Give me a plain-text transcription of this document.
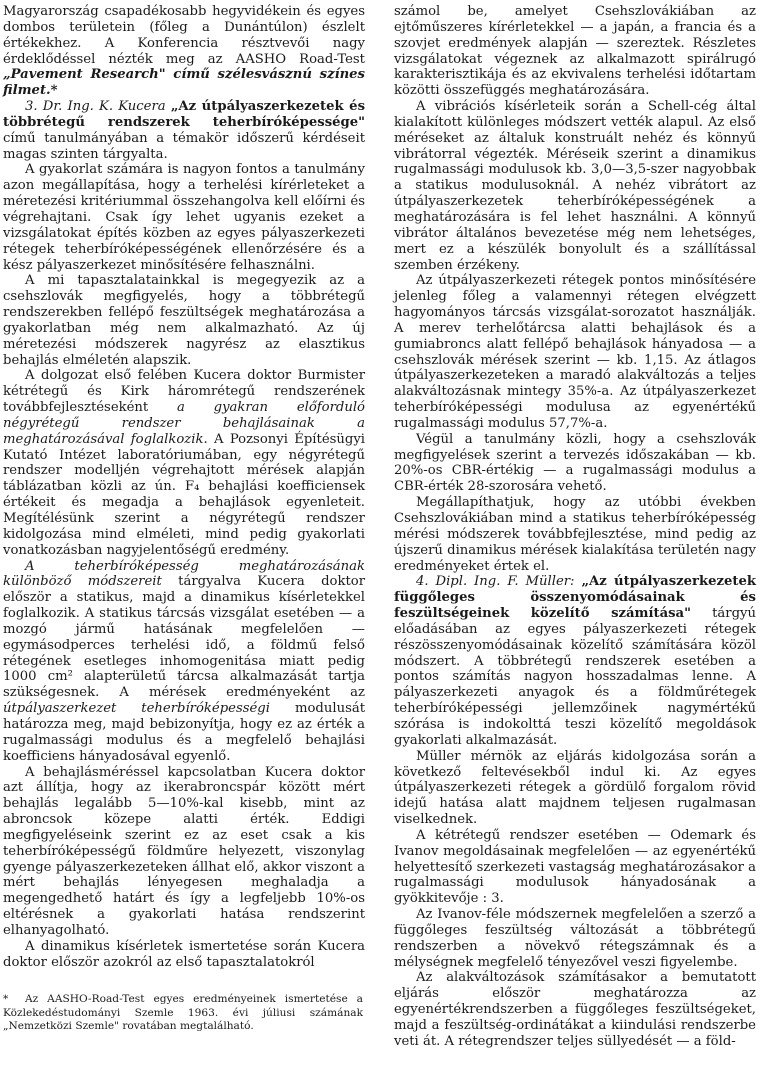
Magyarország csapadékosabb hegyvidékein és egyes dombos területein (főleg a Dunántúlon) észlelt értékekhez. A Konferencia résztvevői nagy érdeklődéssel nézték meg az AASHO Road-Test „Pavement Research" című szélesvásznú színes filmet.*

3. Dr. Ing. K. Kucera „Az útpályaszerkezetek és többrétegű rendszerek teherbíróképessége" című tanulmányában a témakör időszerű kérdéseit magas szinten tárgyalta.

A gyakorlat számára is nagyon fontos a tanulmány azon megállapítása, hogy a terhelési kírérleteket a méretezési kritériummal összehangolva kell előírni és végrehajtani. Csak így lehet ugyanis ezeket a vizsgálatokat építés közben az egyes pályaszerkezeti rétegek teherbíróképességének ellenőrzésére és a kész pályaszerkezet minősítésére felhasználni.

A mi tapasztalatainkkal is megegyezik az a csehszlovák megfigyelés, hogy a többrétegű rendszerekben fellépő feszültségek meghatározása a gyakorlatban még nem alkalmazható. Az új méretezési módszerek nagyrész az elasztikus behajlás elméletén alapszik.

A dolgozat első felében Kucera doktor Burmister kétrétegű és Kirk háromrétegű rendszerének továbbfejlesztéseként a gyakran előforduló négyrétegű rendszer behajlásainak a meghatározásával foglalkozik. A Pozsonyi Építésügyi Kutató Intézet laboratóriumában, egy négyrétegű rendszer modelljén végrehajtott mérések alapján táblázatban közli az ún. F₄ behajlási koefficiensek értékeit és megadja a behajlások egyenleteit. Megítélésünk szerint a négyrétegű rendszer kidolgozása mind elméleti, mind pedig gyakorlati vonatkozásban nagyjelentőségű eredmény.

A teherbíróképesség meghatározásának különböző módszereit tárgyalva Kucera doktor először a statikus, majd a dinamikus kísérletekkel foglalkozik. A statikus tárcsás vizsgálat esetében — a mozgó jármű hatásának megfelelően — egymásodperces terhelési idő, a földmű felső rétegének esetleges inhomogenitása miatt pedig 1000 cm² alapterületű tárcsa alkalmazását tartja szükségesnek. A mérések eredményeként az útpályaszerkezet teherbíróképességi modulusát határozza meg, majd bebizonyítja, hogy ez az érték a rugalmassági modulus és a megfelelő behajlási koefficiens hányadosával egyenlő.

A behajlásméréssel kapcsolatban Kucera doktor azt állítja, hogy az ikerabroncspár között mért behajlás legalább 5—10%-kal kisebb, mint az abroncsok közepe alatti érték. Eddigi megfigyeléseink szerint ez az eset csak a kis teherbíróképességű földműre helyezett, viszonylag gyenge pályaszerkezeteken állhat elő, akkor viszont a mért behajlás lényegesen meghaladja a megengedhető határt és így a legfeljebb 10%-os eltérésnek a gyakorlati hatása rendszerint elhanyagolható.

A dinamikus kísérletek ismertetése során Kucera doktor először azokról az első tapasztalatokról

* Az AASHO-Road-Test egyes eredményeinek ismertetése a Közlekedéstudományi Szemle 1963. évi júliusi számának „Nemzetközi Szemle" rovatában megtalálható.

számol be, amelyet Csehszlovákiában az ejtőműszeres kírérletekkel — a japán, a francia és a szovjet eredmények alapján — szereztek. Részletes vizsgálatokat végeznek az alkalmazott spirálrugó karakterisztikája és az ekvivalens terhelési időtartam közötti összefüggés meghatározására.

A vibrációs kísérleteik során a Schell-cég által kialakított különleges módszert vették alapul. Az első méréseket az általuk konstruált nehéz és könnyű vibrátorral végezték. Méréseik szerint a dinamikus rugalmassági modulusok kb. 3,0—3,5-szer nagyobbak a statikus modulusoknál. A nehéz vibrátort az útpályaszerkezetek teherbíróképességének a meghatározására is fel lehet használni. A könnyű vibrátor általános bevezetése még nem lehetséges, mert ez a készülék bonyolult és a szállítással szemben érzékeny.

Az útpályaszerkezeti rétegek pontos minősítésére jelenleg főleg a valamennyi rétegen elvégzett hagyományos tárcsás vizsgálat-sorozatot használják. A merev terhelőtárcsa alatti behajlások és a gumiabroncs alatt fellépő behajlások hányadosa — a csehszlovák mérések szerint — kb. 1,15. Az átlagos útpályaszerkezeteken a maradó alakváltozás a teljes alakváltozásnak mintegy 35%-a. Az útpályaszerkezet teherbíróképességi modulusa az egyenértékű rugalmassági modulus 57,7%-a.

Végül a tanulmány közli, hogy a csehszlovák megfigyelések szerint a tervezés időszakában — kb. 20%-os CBR-értékig — a rugalmassági modulus a CBR-érték 28-szorosára vehető.

Megállapíthatjuk, hogy az utóbbi években Csehszlovákiában mind a statikus teherbíróképesség mérési módszerek továbbfejlesztése, mind pedig az újszerű dinamikus mérések kialakítása területén nagy eredményeket értek el.

4. Dipl. Ing. F. Müller: „Az útpályaszerkezetek függőleges összenyomódásainak és feszültségeinek közelítő számítása" tárgyú előadásában az egyes pályaszerkezeti rétegek részösszenyomódásainak közelítő számítására közöl módszert. A többrétegű rendszerek esetében a pontos számítás nagyon hosszadalmas lenne. A pályaszerkezeti anyagok és a földműrétegek teherbíróképességi jellemzőinek nagymértékű szórása is indokolttá teszi közelítő megoldások gyakorlati alkalmazását.

Müller mérnök az eljárás kidolgozása során a következő feltevésekből indul ki. Az egyes útpályaszerkezeti rétegek a gördülő forgalom rövid idejű hatása alatt majdnem teljesen rugalmasan viselkednek.

A kétrétegű rendszer esetében — Odemark és Ivanov megoldásainak megfelelően — az egyenértékű helyettesítő szerkezeti vastagság meghatározásakor a rugalmassági modulusok hányadosának a gyökkitevője : 3.

Az Ivanov-féle módszernek megfelelően a szerző a függőleges feszültség változását a többrétegű rendszerben a növekvő rétegszámnak és a mélységnek megfelelő tényezővel veszi figyelembe.

Az alakváltozások számításakor a bemutatott eljárás először meghatározza az egyenértékrendszerben a függőleges feszültségeket, majd a feszültség-ordinátákat a kiindulási rendszerbe veti át. A rétegrendszer teljes süllyedését — a föld-
